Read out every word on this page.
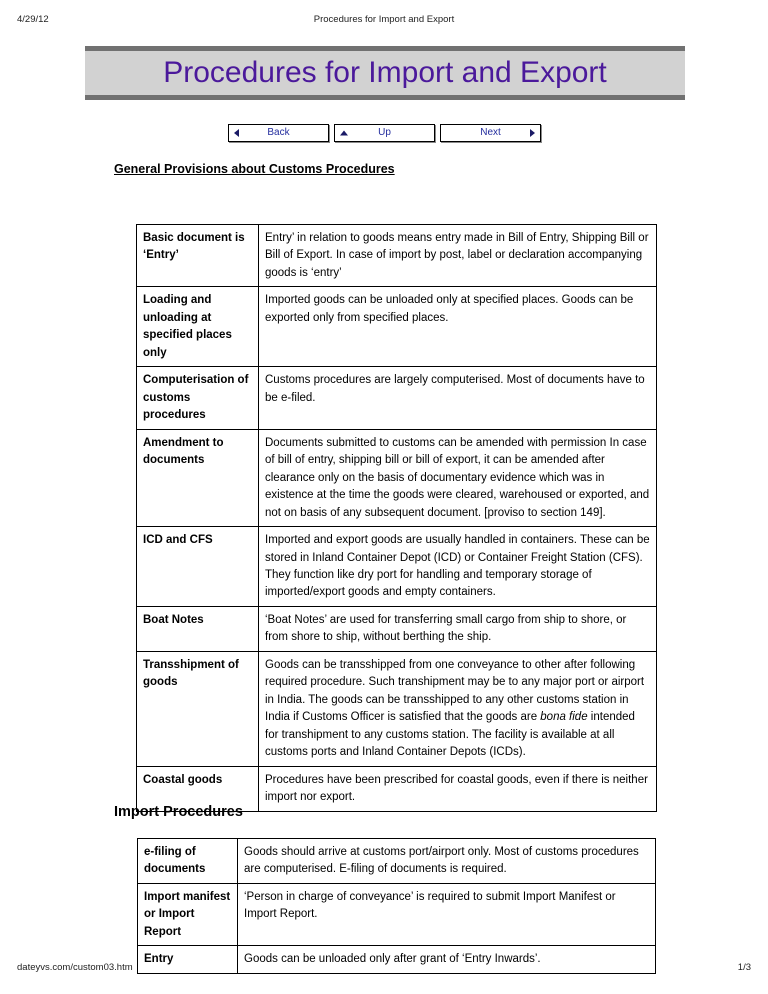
4/29/12	Procedures for Import and Export
Procedures for Import and Export
Back	Up	Next
General Provisions about Customs Procedures
Basic document is ‘Entry’	Entry’ in relation to goods means entry made in Bill of Entry, Shipping Bill or Bill of Export. In case of import by post, label or declaration accompanying goods is ‘entry’
Loading and unloading at specified places only	Imported goods can be unloaded only at specified places. Goods can be exported only from specified places.
Computerisation of customs procedures	Customs procedures are largely computerised. Most of documents have to be e-filed.
Amendment to documents	Documents submitted to customs can be amended with permission In case of bill of entry, shipping bill or bill of export, it can be amended after clearance only on the basis of documentary evidence which was in existence at the time the goods were cleared, warehoused or exported, and not on basis of any subsequent document. [proviso to section 149].
ICD and CFS	Imported and export goods are usually handled in containers. These can be stored in Inland Container Depot (ICD) or Container Freight Station (CFS). They function like dry port for handling and temporary storage of imported/export goods and empty containers.
Boat Notes	‘Boat Notes’ are used for transferring small cargo from ship to shore, or from shore to ship, without berthing the ship.
Transshipment of goods	Goods can be transshipped from one conveyance to other after following required procedure. Such transhipment may be to any major port or airport in India. The goods can be transshipped to any other customs station in India if Customs Officer is satisfied that the goods are bona fide intended for transhipment to any customs station. The facility is available at all customs ports and Inland Container Depots (ICDs).
Coastal goods	Procedures have been prescribed for coastal goods, even if there is neither import nor export.
Import Procedures
e-filing of documents	Goods should arrive at customs port/airport only. Most of customs procedures are computerised. E-filing of documents is required.
Import manifest or Import Report	‘Person in charge of conveyance’ is required to submit Import Manifest or Import Report.
Entry	Goods can be unloaded only after grant of ‘Entry Inwards’.
dateyvs.com/custom03.htm	1/3
